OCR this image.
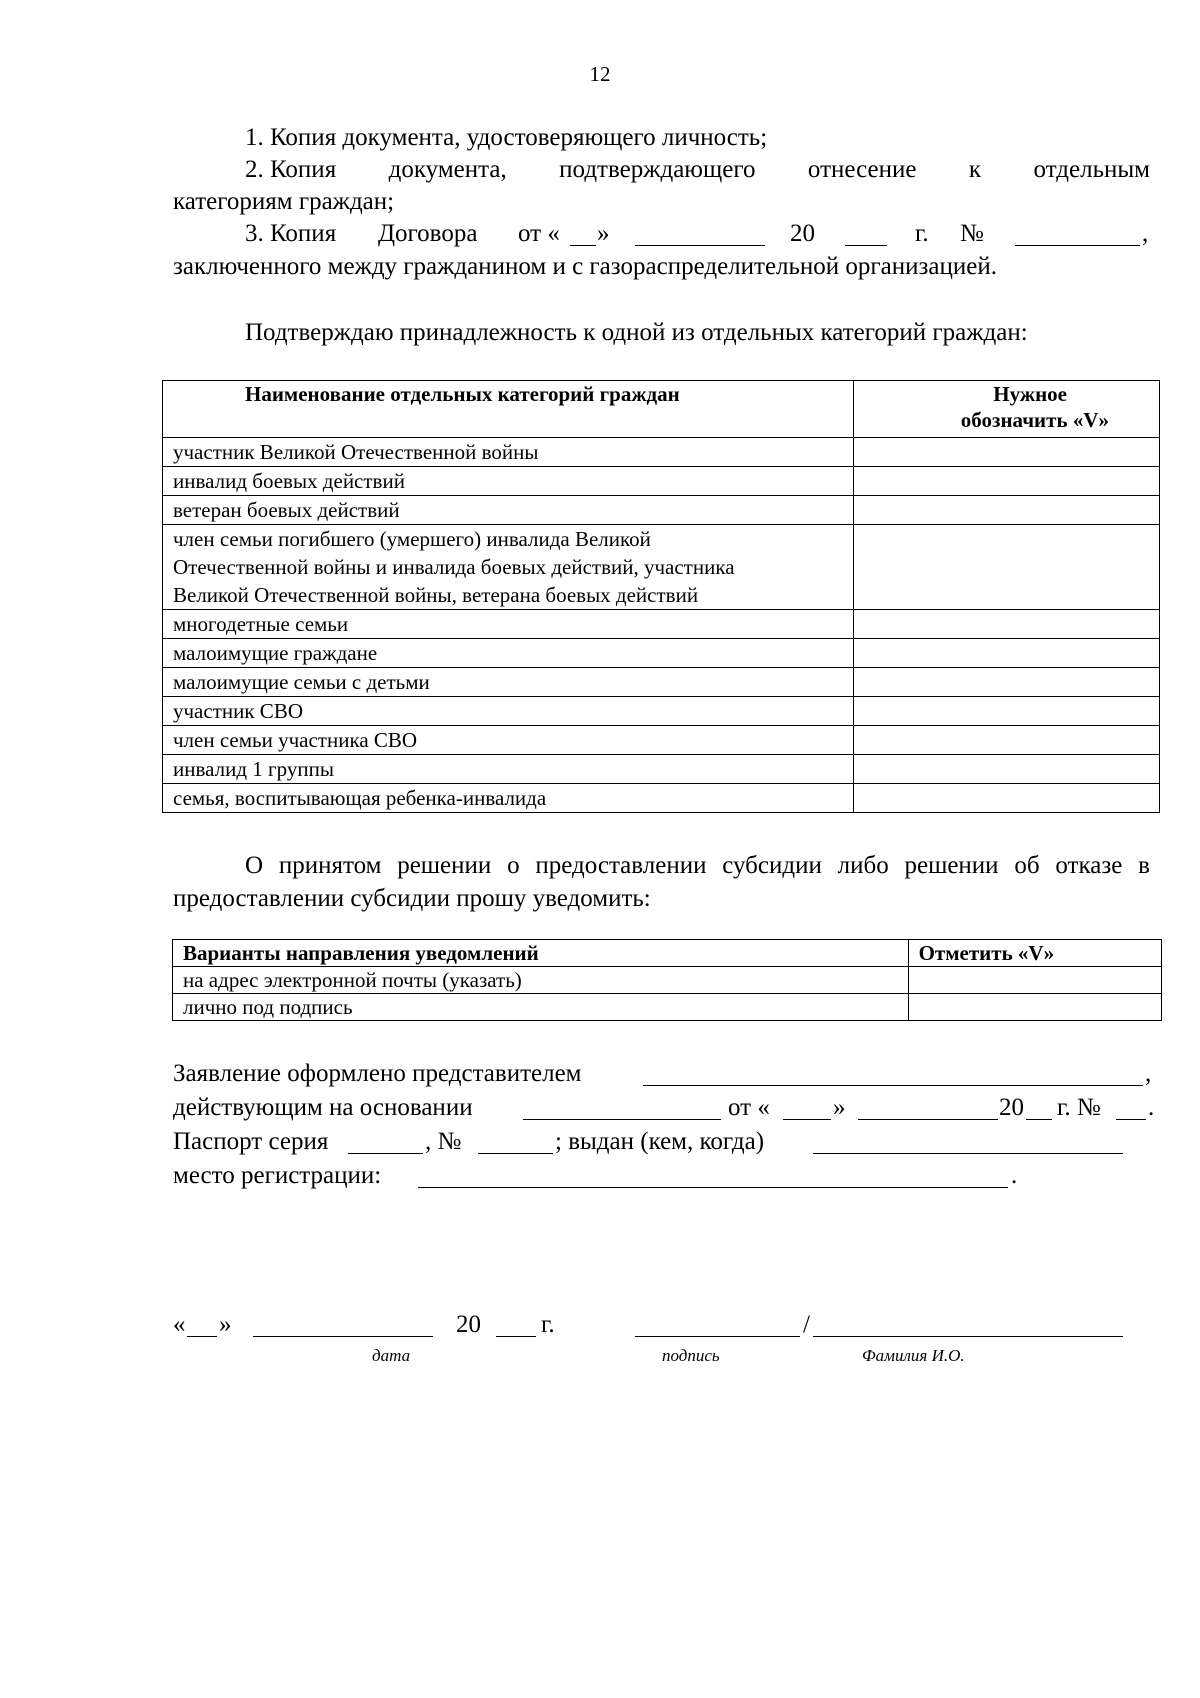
12
1. Копия документа, удостоверяющего личность;
2. Копия документа, подтверждающего отнесение к отдельным
категориям граждан;
3. Копия Договора от « »	20	г. №	,
заключенного между гражданином и с газораспределительной организацией.
Подтверждаю принадлежность к одной из отдельных категорий граждан:
Наименование отдельных категорий граждан	Нужное
обозначить «V»

участник Великой Отечественной войны	
инвалид боевых действий	
ветеран боевых действий	

член семьи погибшего (умершего) инвалида Великой
Отечественной войны и инвалида боевых действий, участника
Великой Отечественной войны, ветерана боевых действий	

многодетные семьи	
малоимущие граждане	
малоимущие семьи с детьми	
участник СВО	
член семьи участника СВО	
инвалид 1 группы	
семья, воспитывающая ребенка-инвалида	
О принятом решении о предоставлении субсидии либо решении об отказе в
предоставлении субсидии прошу уведомить:
Варианты направления уведомлений	Отметить «V»
на адрес электронной почты (указать)	
лично под подпись	
Заявление оформлено представителем	,
действующим на основании	от «	»	20 г. № .
Паспорт серия	, №	; выдан (кем, когда)
место регистрации:	.
« »	20 г.	/
дата	подпись	Фамилия И.О.
